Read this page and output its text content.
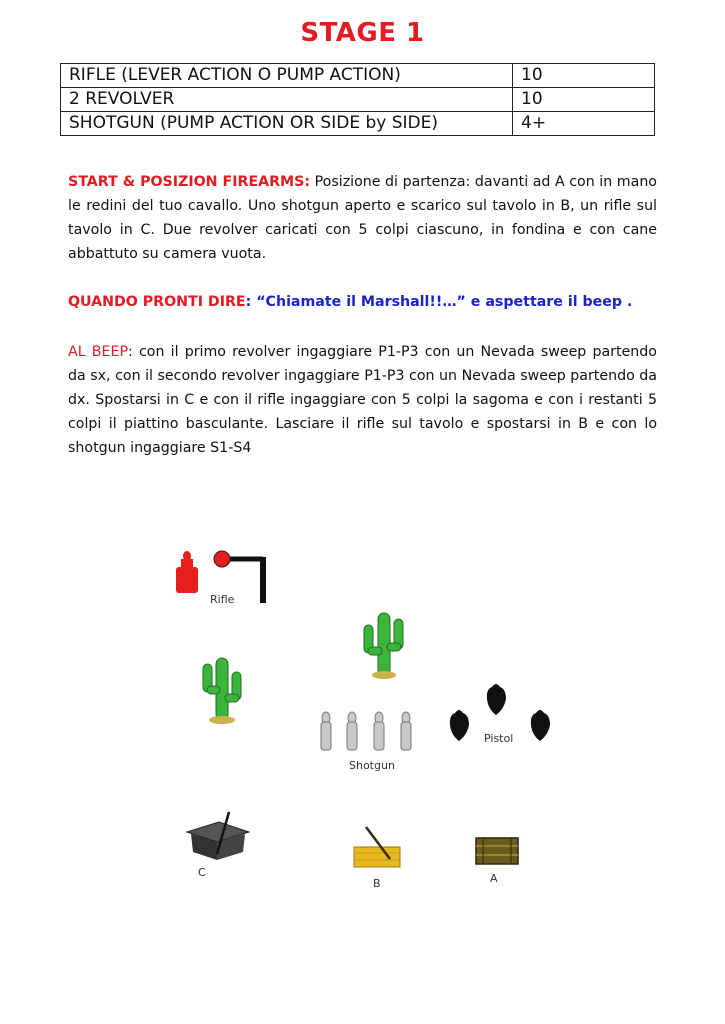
STAGE 1
RIFLE (LEVER ACTION O PUMP ACTION)	10
2 REVOLVER	10
SHOTGUN (PUMP ACTION OR SIDE by SIDE)	4+
START & POSIZION FIREARMS: Posizione di partenza: davanti ad A con in mano le redini del tuo cavallo. Uno shotgun aperto e scarico sul tavolo in B, un rifle sul tavolo in C. Due revolver caricati con 5 colpi ciascuno, in fondina e con cane abbattuto su camera vuota.
QUANDO PRONTI DIRE: “Chiamate il Marshall!!…” e aspettare il beep .
AL BEEP: con il primo revolver ingaggiare P1-P3 con un Nevada sweep partendo da sx, con il secondo revolver ingaggiare P1-P3 con un Nevada sweep partendo da dx. Spostarsi in C e con il rifle ingaggiare con 5 colpi la sagoma e con i restanti 5 colpi il piattino basculante. Lasciare il rifle sul tavolo e spostarsi in B e con lo shotgun ingaggiare S1-S4
Rifle
Shotgun
Pistol
C
B	A
